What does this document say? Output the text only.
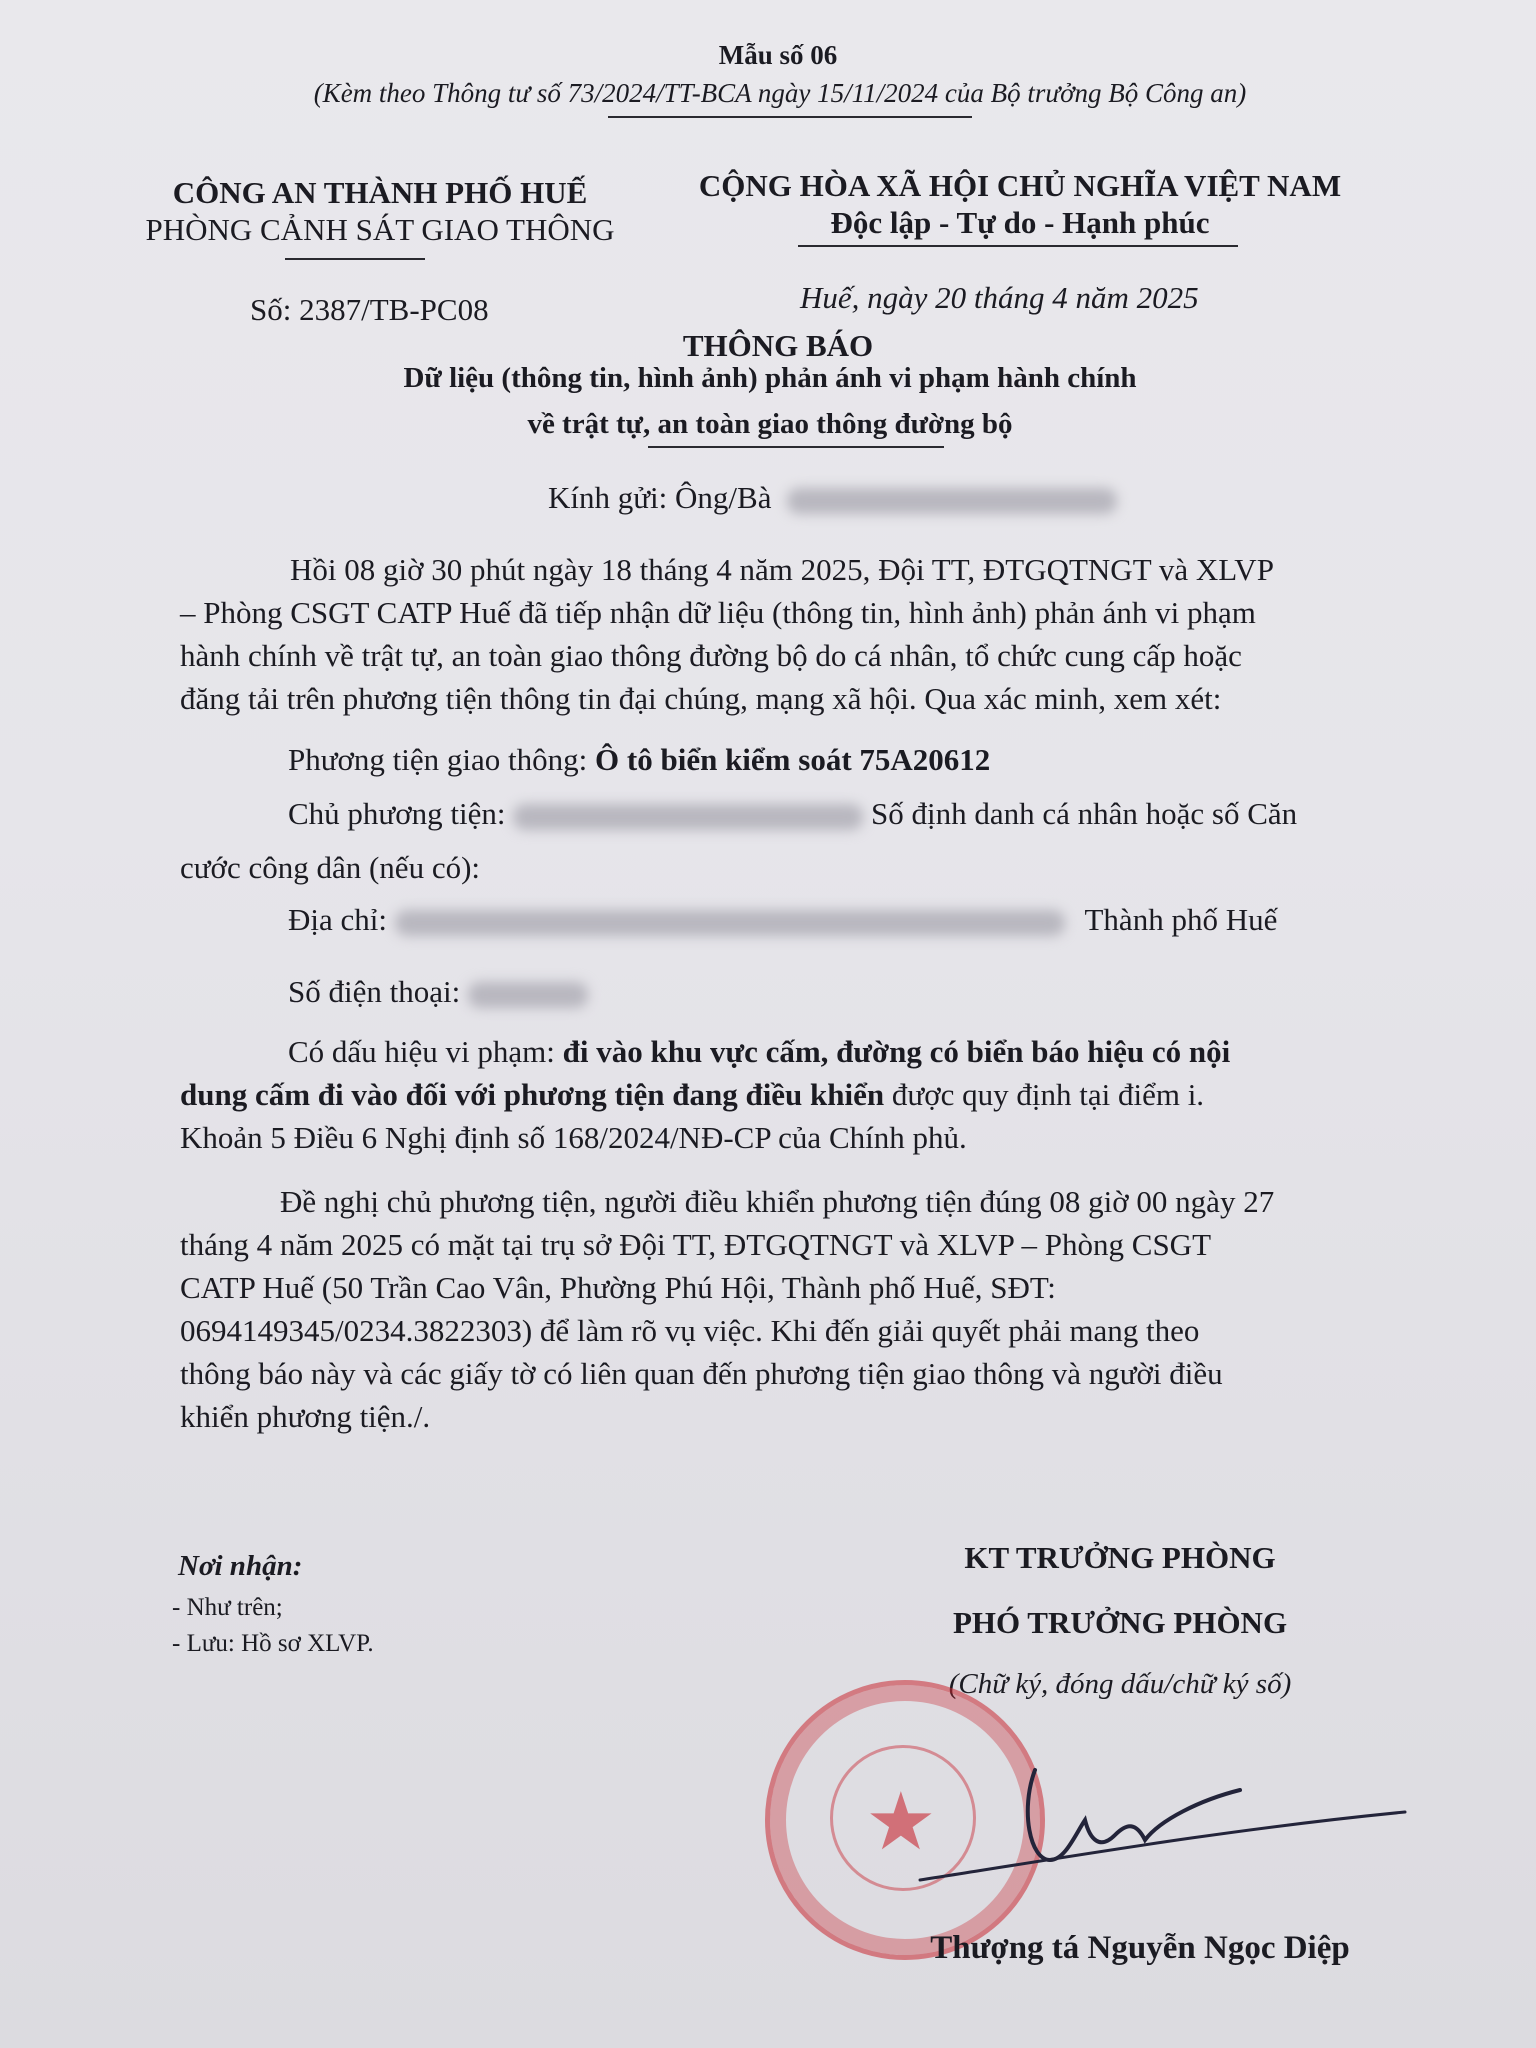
Mẫu số 06
(Kèm theo Thông tư số 73/2024/TT-BCA ngày 15/11/2024 của Bộ trưởng Bộ Công an)
CÔNG AN THÀNH PHỐ HUẾ
PHÒNG CẢNH SÁT GIAO THÔNG
CỘNG HÒA XÃ HỘI CHỦ NGHĨA VIỆT NAM
Độc lập - Tự do - Hạnh phúc
Số: 2387/TB-PC08	Huế, ngày 20 tháng 4 năm 2025
THÔNG BÁO
Dữ liệu (thông tin, hình ảnh) phản ánh vi phạm hành chính
về trật tự, an toàn giao thông đường bộ
Kính gửi: Ông/Bà
Hồi 08 giờ 30 phút ngày 18 tháng 4 năm 2025, Đội TT, ĐTGQTNGT và XLVP
– Phòng CSGT CATP Huế đã tiếp nhận dữ liệu (thông tin, hình ảnh) phản ánh vi phạm
hành chính về trật tự, an toàn giao thông đường bộ do cá nhân, tổ chức cung cấp hoặc
đăng tải trên phương tiện thông tin đại chúng, mạng xã hội. Qua xác minh, xem xét:
Phương tiện giao thông: Ô tô biển kiểm soát 75A20612
Chủ phương tiện:	Số định danh cá nhân hoặc số Căn
cước công dân (nếu có):
Địa chỉ:	Thành phố Huế
Số điện thoại:
Có dấu hiệu vi phạm: đi vào khu vực cấm, đường có biển báo hiệu có nội
dung cấm đi vào đối với phương tiện đang điều khiển được quy định tại điểm i.
Khoản 5 Điều 6 Nghị định số 168/2024/NĐ-CP của Chính phủ.
Đề nghị chủ phương tiện, người điều khiển phương tiện đúng 08 giờ 00 ngày 27
tháng 4 năm 2025 có mặt tại trụ sở Đội TT, ĐTGQTNGT và XLVP – Phòng CSGT
CATP Huế (50 Trần Cao Vân, Phường Phú Hội, Thành phố Huế, SĐT:
0694149345/0234.3822303) để làm rõ vụ việc. Khi đến giải quyết phải mang theo
thông báo này và các giấy tờ có liên quan đến phương tiện giao thông và người điều
khiển phương tiện./.
Nơi nhận:
- Như trên;
- Lưu: Hồ sơ XLVP.
KT TRƯỞNG PHÒNG
PHÓ TRƯỞNG PHÒNG
(Chữ ký, đóng dấu/chữ ký số)
★
Thượng tá Nguyễn Ngọc Diệp
